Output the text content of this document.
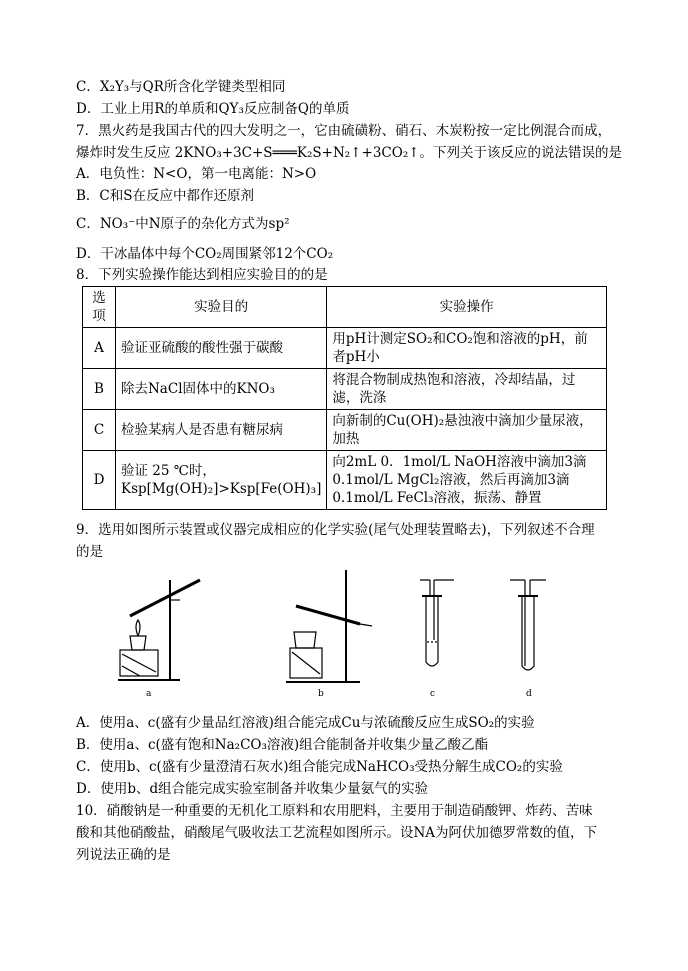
C．X₂Y₃与QR所含化学键类型相同
D．工业上用R的单质和QY₃反应制备Q的单质
7．黑火药是我国古代的四大发明之一，它由硫磺粉、硝石、木炭粉按一定比例混合而成，
爆炸时发生反应 2KNO₃+3C+S═══K₂S+N₂↑+3CO₂↑。下列关于该反应的说法错误的是
A．电负性：N<O，第一电离能：N>O
B．C和S在反应中都作还原剂
C．NO₃⁻中N原子的杂化方式为sp²
D．干冰晶体中每个CO₂周围紧邻12个CO₂
8．下列实验操作能达到相应实验目的的是
选项	实验目的	实验操作
A	验证亚硫酸的酸性强于碳酸	用pH计测定SO₂和CO₂饱和溶液的pH，前者pH小
B	除去NaCl固体中的KNO₃	将混合物制成热饱和溶液，冷却结晶，过滤，洗涤
C	检验某病人是否患有糖尿病	向新制的Cu(OH)₂悬浊液中滴加少量尿液，加热
D	验证 25 ℃时，Ksp[Mg(OH)₂]>Ksp[Fe(OH)₃]	向2mL 0．1mol/L NaOH溶液中滴加3滴0.1mol/L MgCl₂溶液，然后再滴加3滴0.1mol/L FeCl₃溶液，振荡、静置
9．选用如图所示装置或仪器完成相应的化学实验(尾气处理装置略去)，下列叙述不合理
的是
a	b	c	d
A．使用a、c(盛有少量品红溶液)组合能完成Cu与浓硫酸反应生成SO₂的实验
B．使用a、c(盛有饱和Na₂CO₃溶液)组合能制备并收集少量乙酸乙酯
C．使用b、c(盛有少量澄清石灰水)组合能完成NaHCO₃受热分解生成CO₂的实验
D．使用b、d组合能完成实验室制备并收集少量氨气的实验
10．硝酸钠是一种重要的无机化工原料和农用肥料，主要用于制造硝酸钾、炸药、苦味
酸和其他硝酸盐，硝酸尾气吸收法工艺流程如图所示。设NA为阿伏加德罗常数的值，下
列说法正确的是
